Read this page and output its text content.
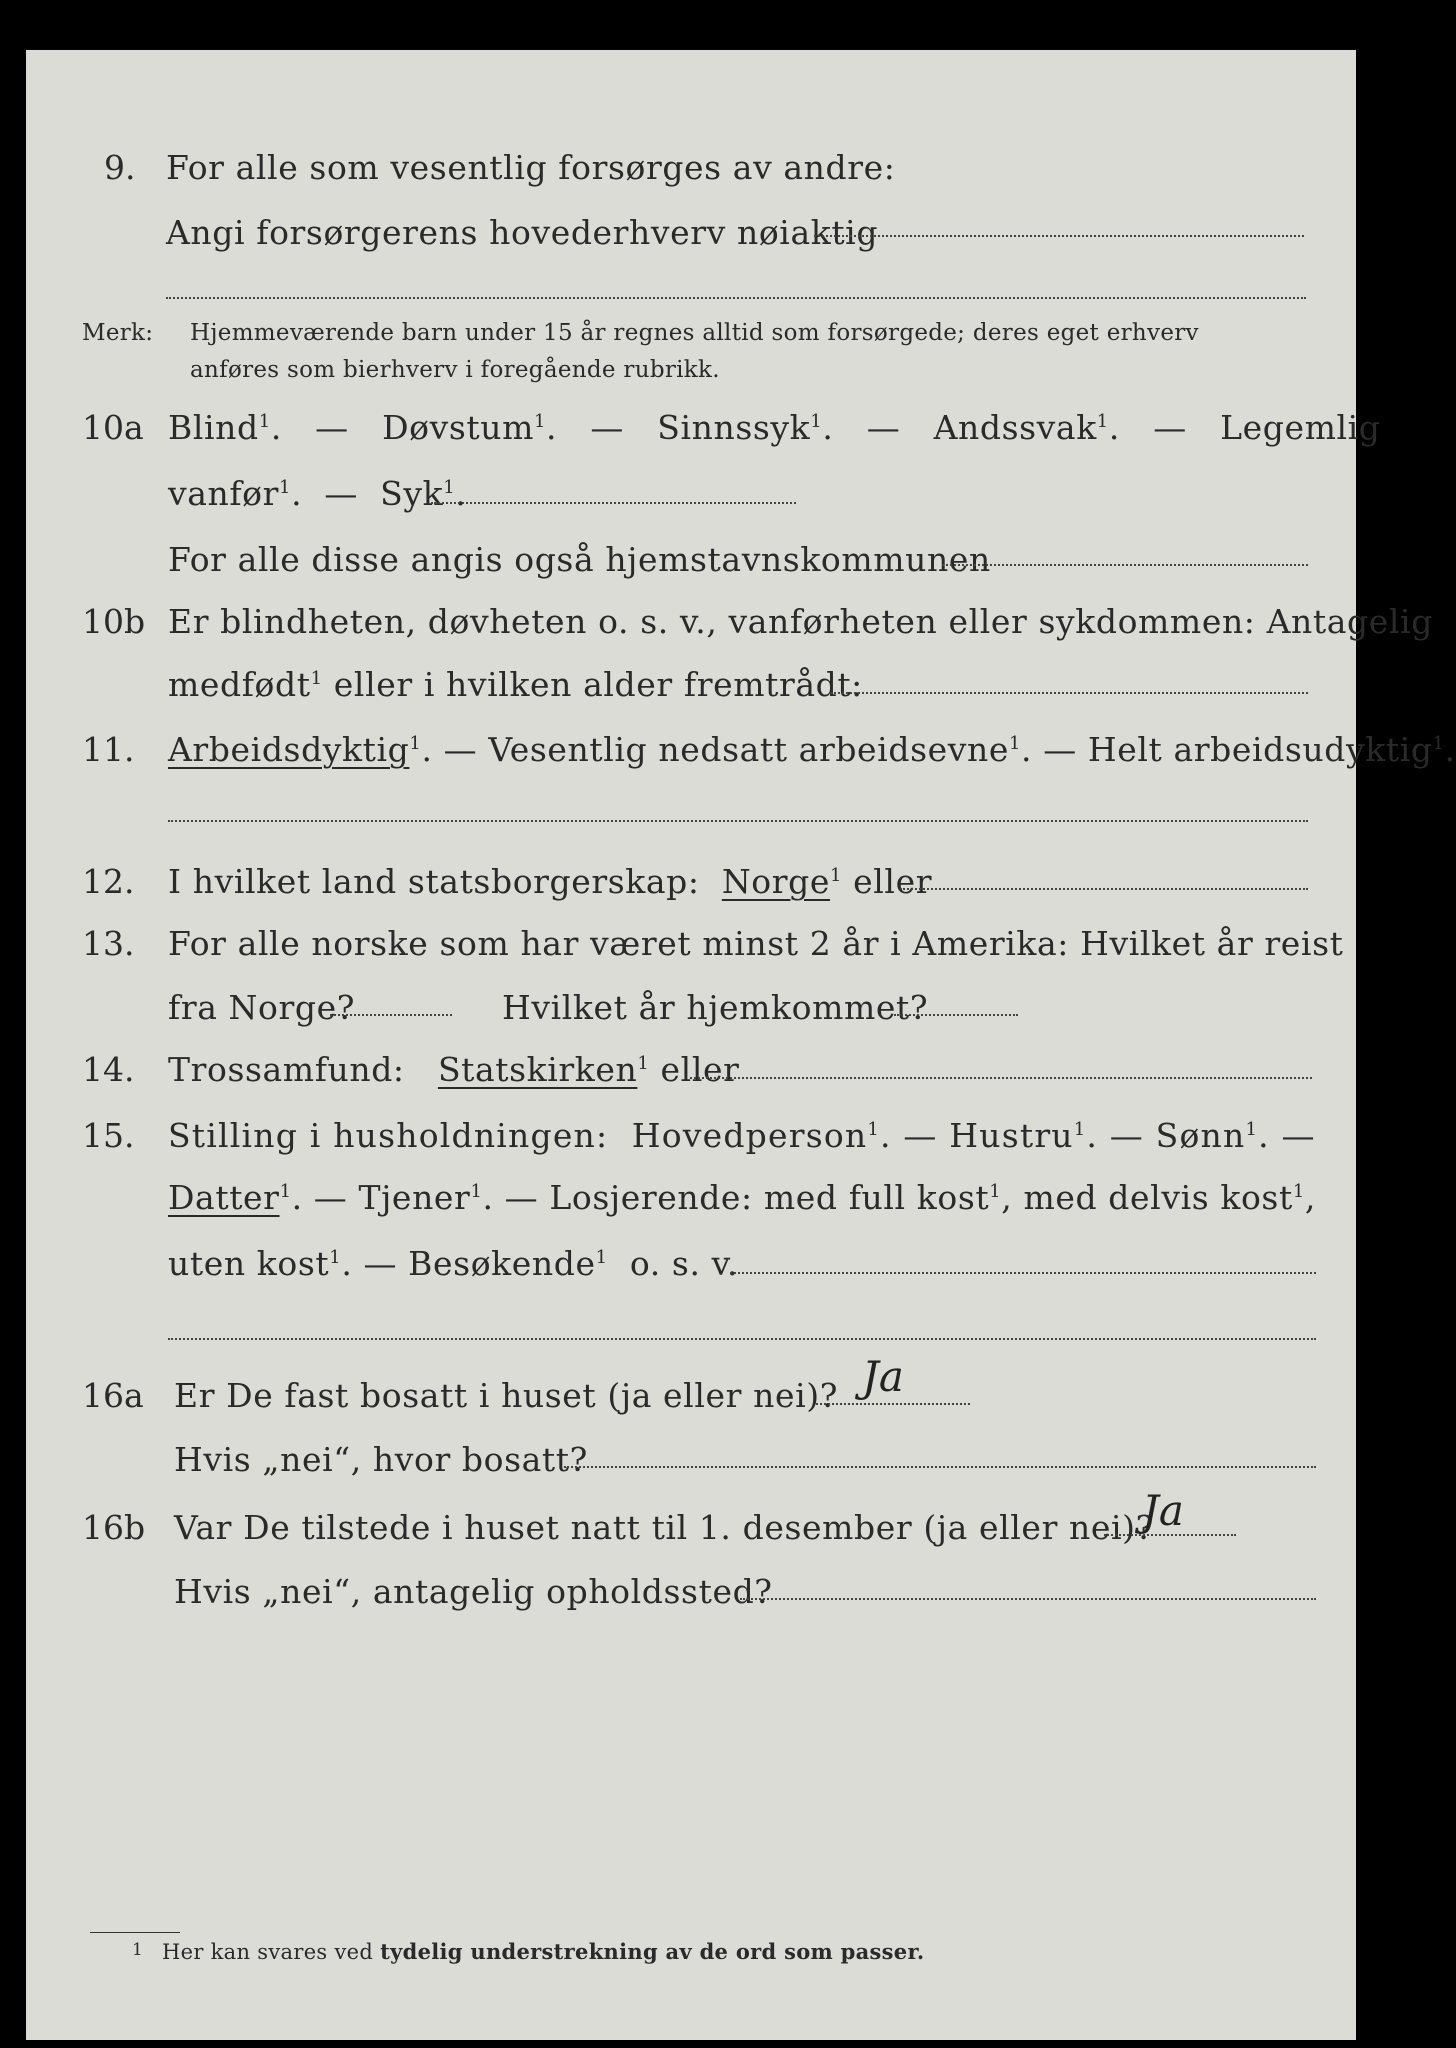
9. For alle som vesentlig forsørges av andre:
Angi forsørgerens hovederhverv nøiaktig
Merk: Hjemmeværende barn under 15 år regnes alltid som forsørgede; deres eget erhverv
anføres som bierhverv i foregående rubrikk.
10a Blind$^1$.   — Døvstum$^1$.   — Sinnssyk$^1$.   — Andssvak$^1$.   — Legemlig
vanfør$^1$.  — Syk$^1$.
For alle disse angis også hjemstavnskommunen
10b Er blindheten, døvheten o. s. v., vanførheten eller sykdommen: Antagelig
medfødt$^1$ eller i hvilken alder fremtrådt:
11. Arbeidsdyktig$^1$. — Vesentlig nedsatt arbeidsevne$^1$. — Helt arbeidsudyktig$^1$.
12. I hvilket land statsborgerskap: Norge$^1$ eller
13. For alle norske som har været minst 2 år i Amerika: Hvilket år reist
fra Norge?	Hvilket år hjemkommet?
14. Trossamfund: Statskirken$^1$ eller
15. Stilling i husholdningen: Hovedperson$^1$. — Hustru$^1$. — Sønn$^1$. —
Datter$^1$. — Tjener$^1$. — Losjerende: med full kost$^1$, med delvis kost$^1$,
uten kost$^1$. — Besøkende$^1$ o. s. v.
16a Er De fast bosatt i huset (ja eller nei)? Ja
Hvis „nei“, hvor bosatt?
16b Var De tilstede i huset natt til 1. desember (ja eller nei)?
Ja
Hvis „nei“, antagelig opholdssted?
1 Her kan svares ved tydelig understrekning av de ord som passer.
